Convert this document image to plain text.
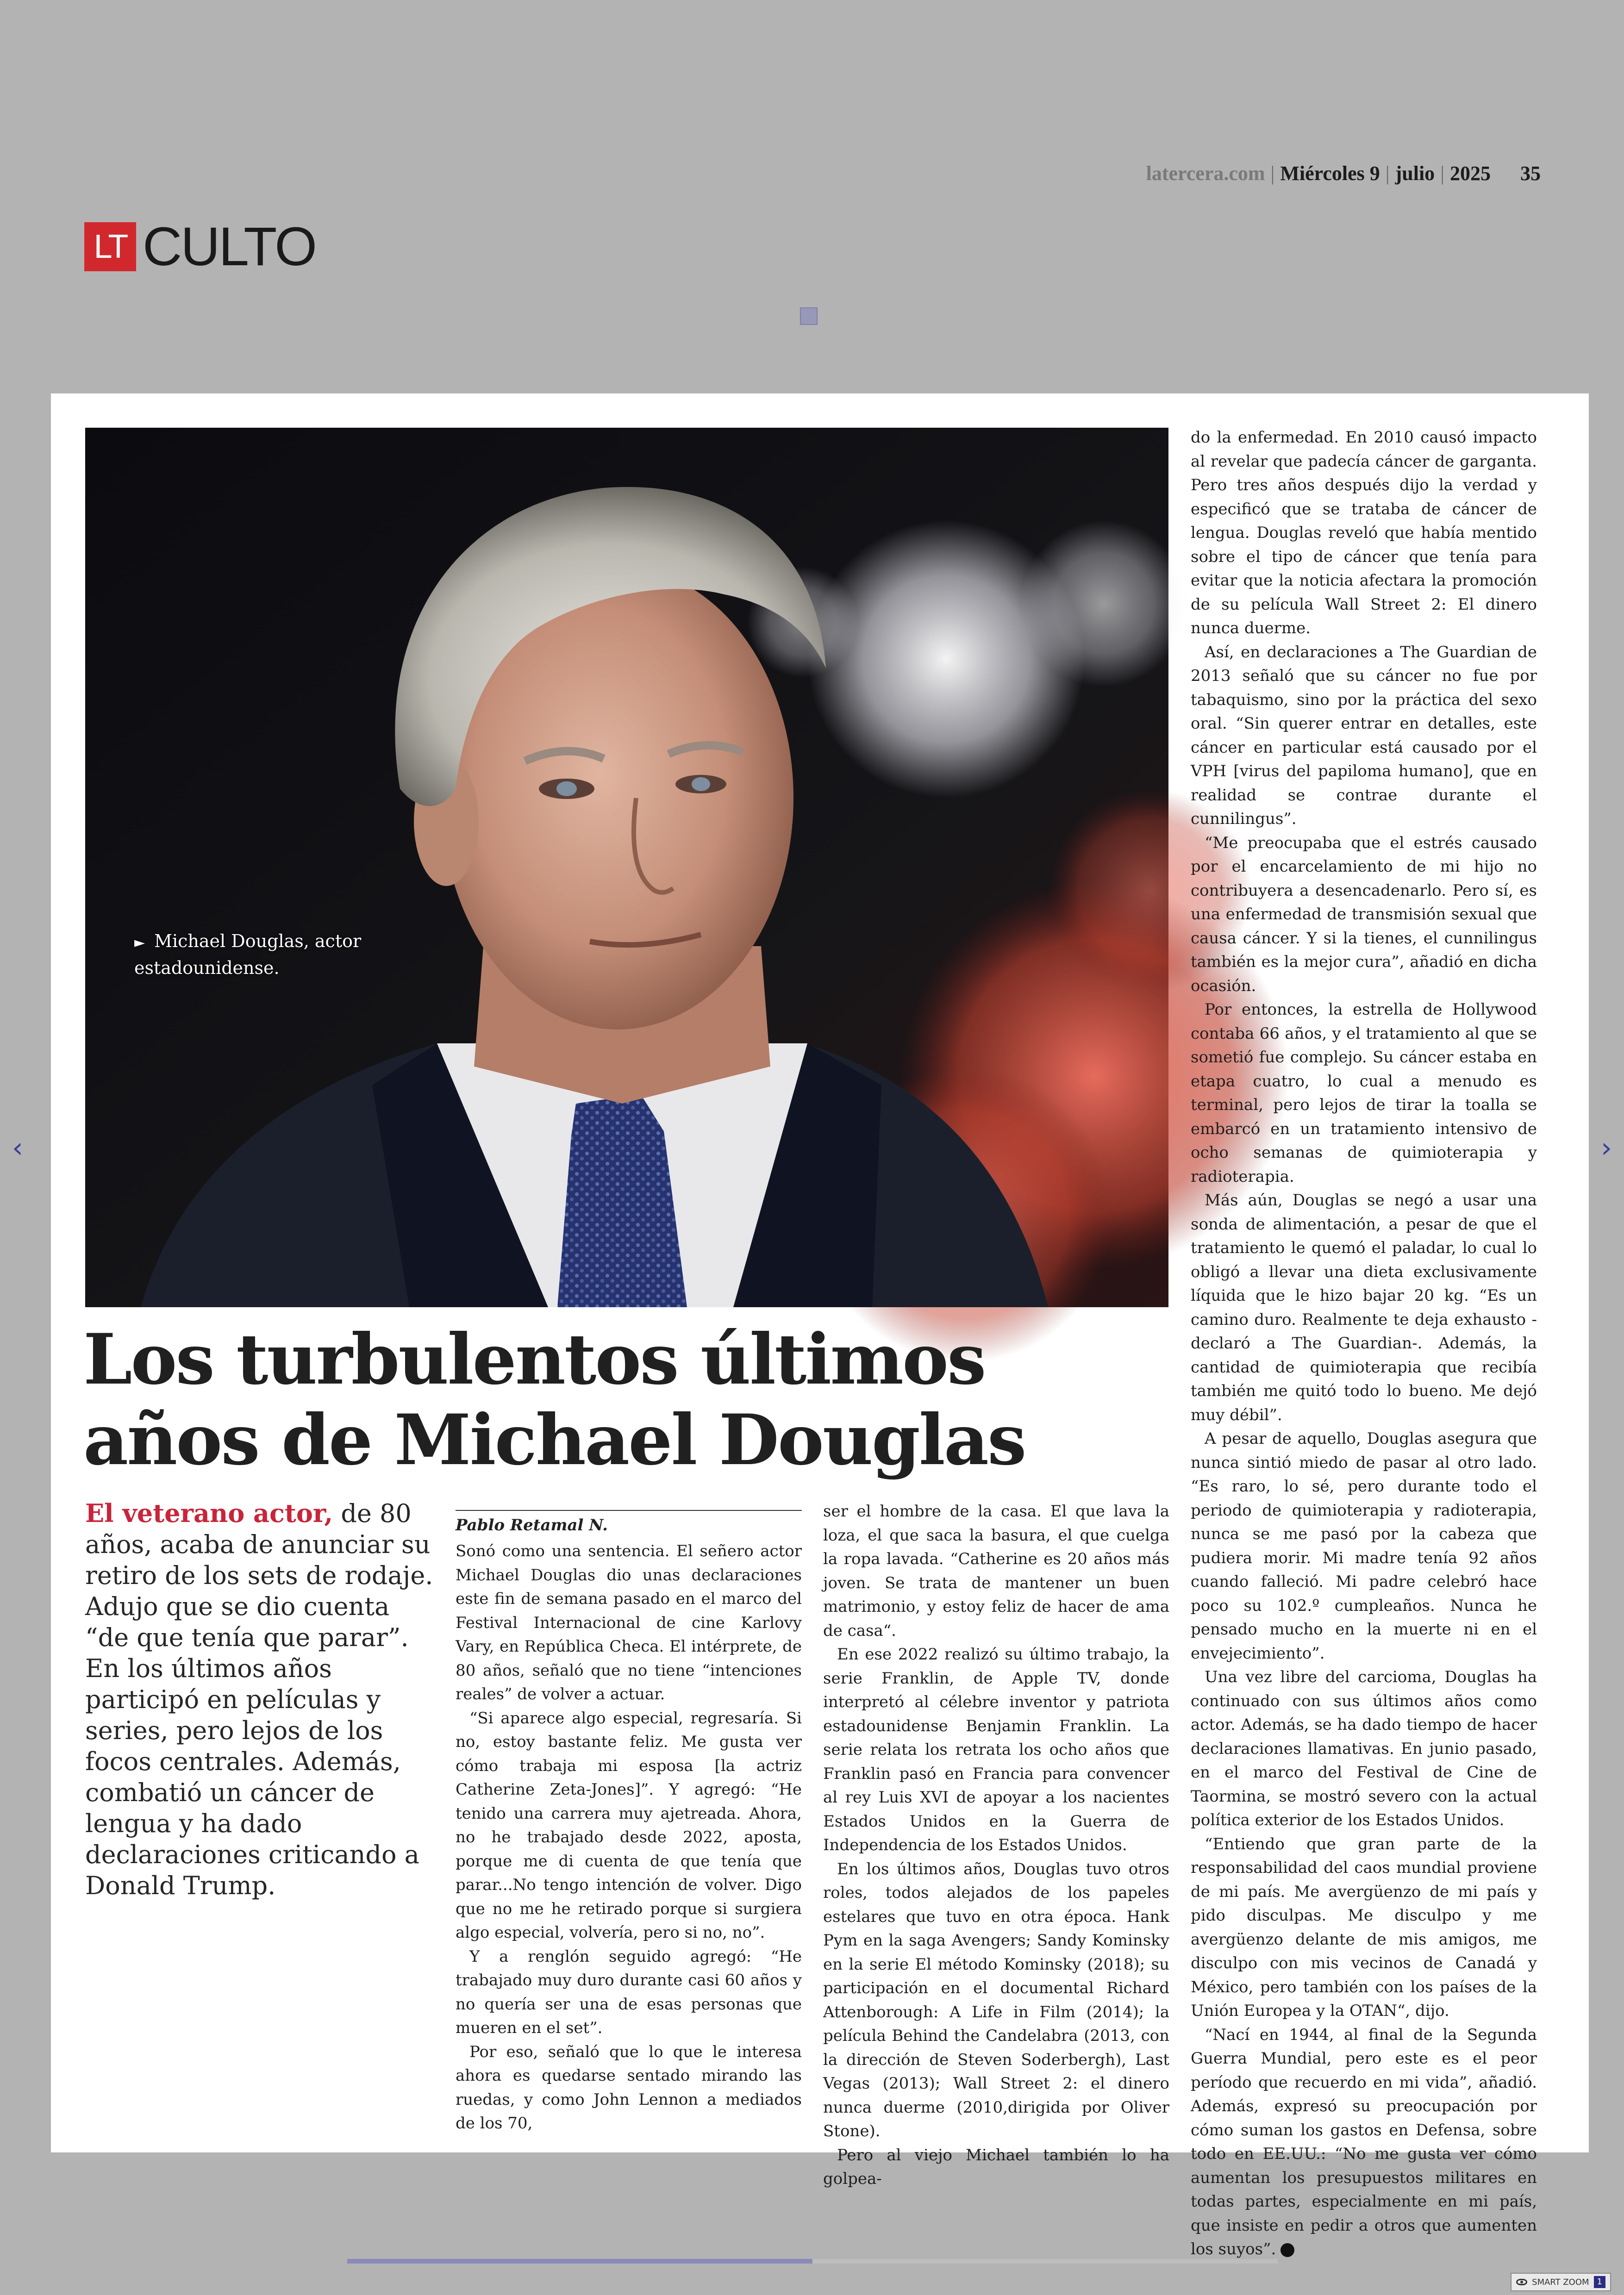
latercera.com | Miércoles 9 | julio | 2025 35
LT CULTO
► Michael Douglas, actor estadounidense.
Los turbulentos últimos años de Michael Douglas
El veterano actor, de 80 años, acaba de anunciar su retiro de los sets de rodaje. Adujo que se dio cuenta “de que tenía que parar”. En los últimos años participó en películas y series, pero lejos de los focos centrales. Además, combatió un cáncer de lengua y ha dado declaraciones criticando a Donald Trump.
Pablo Retamal N.

Sonó como una sentencia. El señero actor Michael Douglas dio unas declaraciones este fin de semana pasado en el marco del Festival Internacional de cine Karlovy Vary, en República Checa. El intérprete, de 80 años, señaló que no tiene “intenciones reales” de volver a actuar.

“Si aparece algo especial, regresaría. Si no, estoy bastante feliz. Me gusta ver cómo trabaja mi esposa [la actriz Catherine Zeta-Jones]”. Y agregó: “He tenido una carrera muy ajetreada. Ahora, no he trabajado desde 2022, aposta, porque me di cuenta de que tenía que parar...No tengo intención de volver. Digo que no me he retirado porque si surgiera algo especial, volvería, pero si no, no”.

Y a renglón seguido agregó: “He trabajado muy duro durante casi 60 años y no quería ser una de esas personas que mueren en el set”.

Por eso, señaló que lo que le interesa ahora es quedarse sentado mirando las ruedas, y como John Lennon a mediados de los 70,

ser el hombre de la casa. El que lava la loza, el que saca la basura, el que cuelga la ropa lavada. “Catherine es 20 años más joven. Se trata de mantener un buen matrimonio, y estoy feliz de hacer de ama de casa“.

En ese 2022 realizó su último trabajo, la serie Franklin, de Apple TV, donde interpretó al célebre inventor y patriota estadounidense Benjamin Franklin. La serie relata los retrata los ocho años que Franklin pasó en Francia para convencer al rey Luis XVI de apoyar a los nacientes Estados Unidos en la Guerra de Independencia de los Estados Unidos.

En los últimos años, Douglas tuvo otros roles, todos alejados de los papeles estelares que tuvo en otra época. Hank Pym en la saga Avengers; Sandy Kominsky en la serie El método Kominsky (2018); su participación en el documental Richard Attenborough: A Life in Film (2014); la película Behind the Candelabra (2013, con la dirección de Steven Soderbergh), Last Vegas (2013); Wall Street 2: el dinero nunca duerme (2010,dirigida por Oliver Stone).

Pero al viejo Michael también lo ha golpea-

do la enfermedad. En 2010 causó impacto al revelar que padecía cáncer de garganta. Pero tres años después dijo la verdad y especificó que se trataba de cáncer de lengua. Douglas reveló que había mentido sobre el tipo de cáncer que tenía para evitar que la noticia afectara la promoción de su película Wall Street 2: El dinero nunca duerme.

Así, en declaraciones a The Guardian de 2013 señaló que su cáncer no fue por tabaquismo, sino por la práctica del sexo oral. “Sin querer entrar en detalles, este cáncer en particular está causado por el VPH [virus del papiloma humano], que en realidad se contrae durante el cunnilingus”.

“Me preocupaba que el estrés causado por el encarcelamiento de mi hijo no contribuyera a desencadenarlo. Pero sí, es una enfermedad de transmisión sexual que causa cáncer. Y si la tienes, el cunnilingus también es la mejor cura”, añadió en dicha ocasión.

Por entonces, la estrella de Hollywood contaba 66 años, y el tratamiento al que se sometió fue complejo. Su cáncer estaba en etapa cuatro, lo cual a menudo es terminal, pero lejos de tirar la toalla se embarcó en un tratamiento intensivo de ocho semanas de quimioterapia y radioterapia.

Más aún, Douglas se negó a usar una sonda de alimentación, a pesar de que el tratamiento le quemó el paladar, lo cual lo obligó a llevar una dieta exclusivamente líquida que le hizo bajar 20 kg. “Es un camino duro. Realmente te deja exhausto -declaró a The Guardian-. Además, la cantidad de quimioterapia que recibía también me quitó todo lo bueno. Me dejó muy débil”.

A pesar de aquello, Douglas asegura que nunca sintió miedo de pasar al otro lado. “Es raro, lo sé, pero durante todo el periodo de quimioterapia y radioterapia, nunca se me pasó por la cabeza que pudiera morir. Mi madre tenía 92 años cuando falleció. Mi padre celebró hace poco su 102.º cumpleaños. Nunca he pensado mucho en la muerte ni en el envejecimiento”.

Una vez libre del carcioma, Douglas ha continuado con sus últimos años como actor. Además, se ha dado tiempo de hacer declaraciones llamativas. En junio pasado, en el marco del Festival de Cine de Taormina, se mostró severo con la actual política exterior de los Estados Unidos.

“Entiendo que gran parte de la responsabilidad del caos mundial proviene de mi país. Me avergüenzo de mi país y pido disculpas. Me disculpo y me avergüenzo delante de mis amigos, me disculpo con mis vecinos de Canadá y México, pero también con los países de la Unión Europea y la OTAN“, dijo.

“Nací en 1944, al final de la Segunda Guerra Mundial, pero este es el peor período que recuerdo en mi vida”, añadió. Además, expresó su preocupación por cómo suman los gastos en Defensa, sobre todo en EE.UU.: “No me gusta ver cómo aumentan los presupuestos militares en todas partes, especialmente en mi país, que insiste en pedir a otros que aumenten los suyos”.

‹	›
SMART ZOOM 1
